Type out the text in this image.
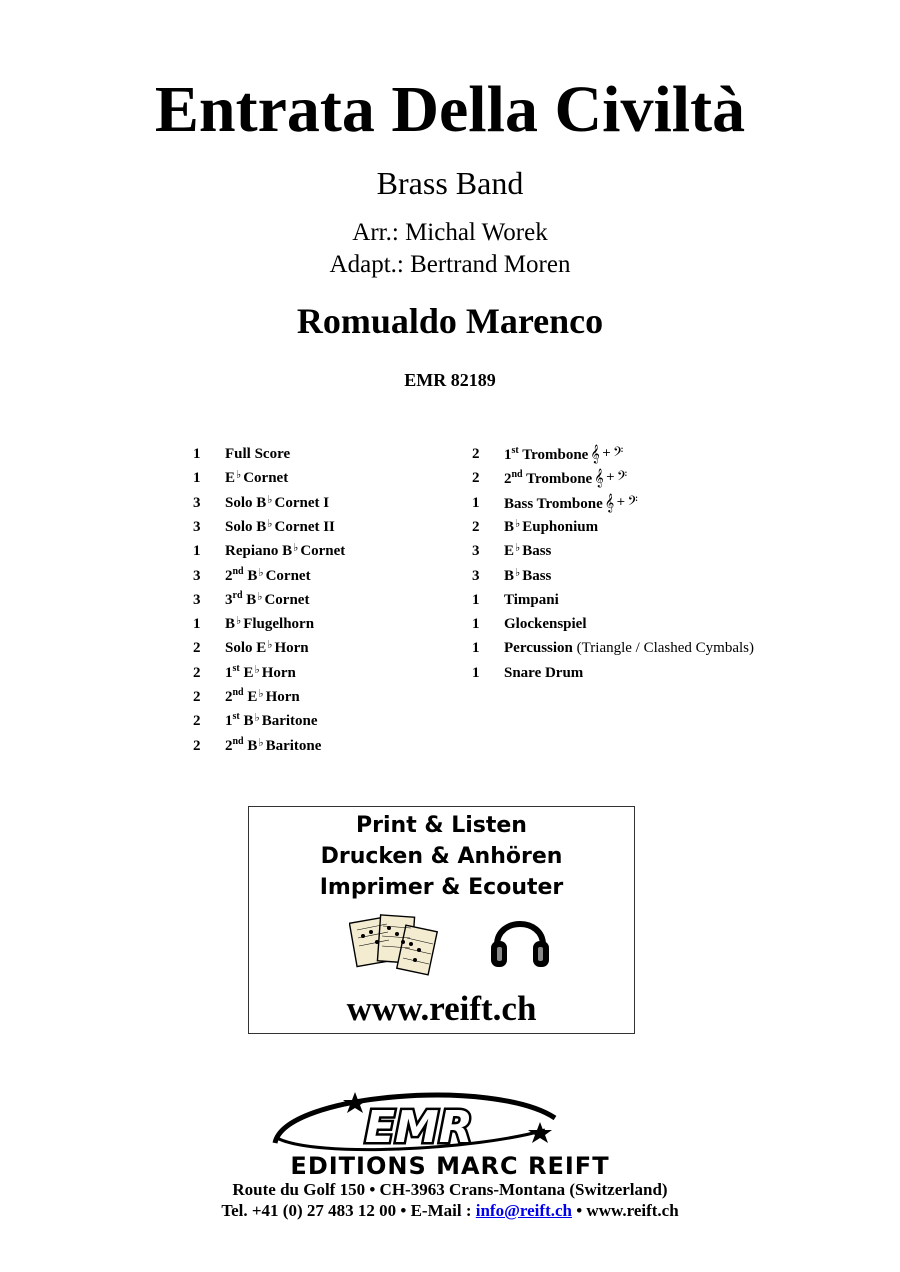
Entrata Della Civiltà
Brass Band
Arr.: Michal Worek
Adapt.: Bertrand Moren
Romualdo Marenco
EMR 82189
1	Full Score
1	E♭ Cornet
3	Solo B♭ Cornet I
3	Solo B♭ Cornet II
1	Repiano B♭ Cornet
3	2nd B♭ Cornet
3	3rd B♭ Cornet
1	B♭ Flugelhorn
2	Solo E♭ Horn
2	1st E♭ Horn
2	2nd E♭ Horn
2	1st B♭ Baritone
2	2nd B♭ Baritone
2	1st Trombone 𝄞 + 𝄢
2	2nd Trombone 𝄞 + 𝄢
1	Bass Trombone 𝄞 + 𝄢
2	B♭ Euphonium
3	E♭ Bass
3	B♭ Bass
1	Timpani
1	Glockenspiel
1	Percussion (Triangle / Clashed Cymbals)
1	Snare Drum
Print & Listen
Drucken & Anhören
Imprimer & Ecouter
www.reift.ch
EMR
EDITIONS MARC REIFT
Route du Golf 150 • CH-3963 Crans-Montana (Switzerland)
Tel. +41 (0) 27 483 12 00 • E-Mail : info@reift.ch • www.reift.ch
